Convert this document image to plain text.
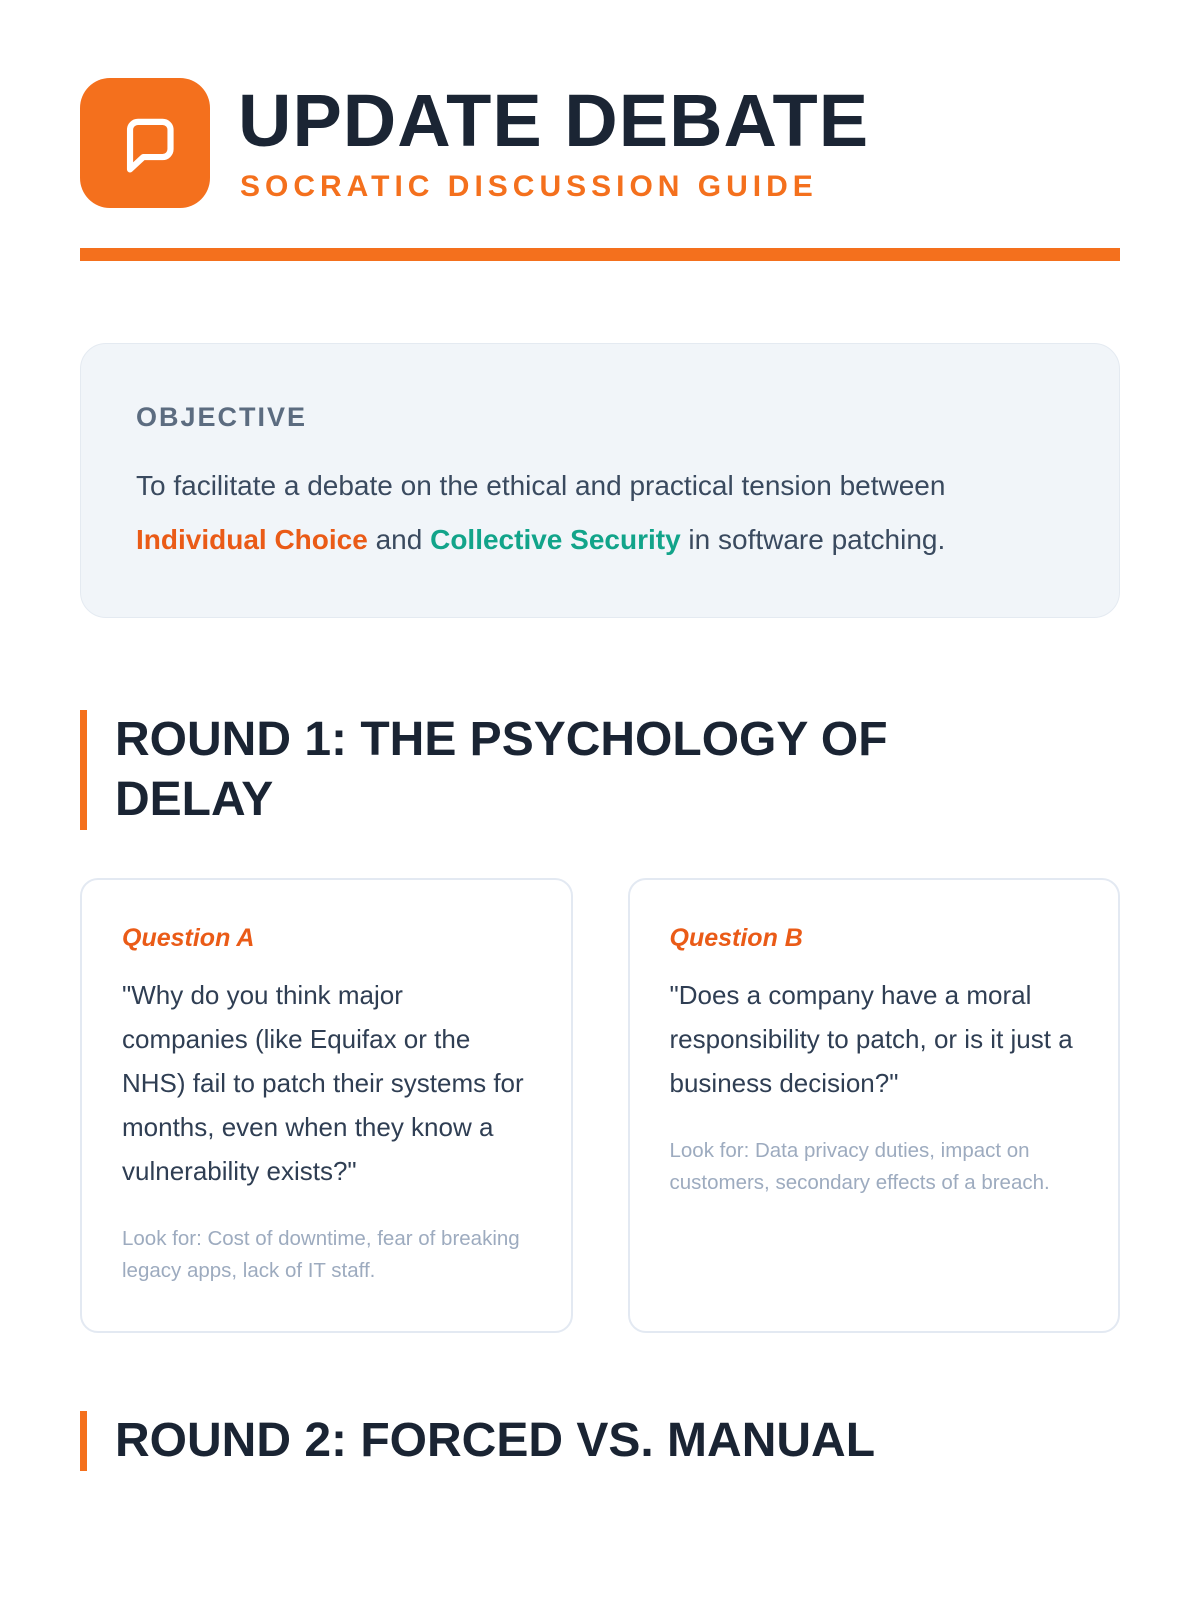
UPDATE DEBATE
SOCRATIC DISCUSSION GUIDE
OBJECTIVE

To facilitate a debate on the ethical and practical tension between Individual Choice and Collective Security in software patching.

ROUND 1: THE PSYCHOLOGY OF DELAY
Question A

"Why do you think major companies (like Equifax or the NHS) fail to patch their systems for months, even when they know a vulnerability exists?"

Look for: Cost of downtime, fear of breaking legacy apps, lack of IT staff.

Question B

"Does a company have a moral responsibility to patch, or is it just a business decision?"

Look for: Data privacy duties, impact on customers, secondary effects of a breach.

ROUND 2: FORCED VS. MANUAL
